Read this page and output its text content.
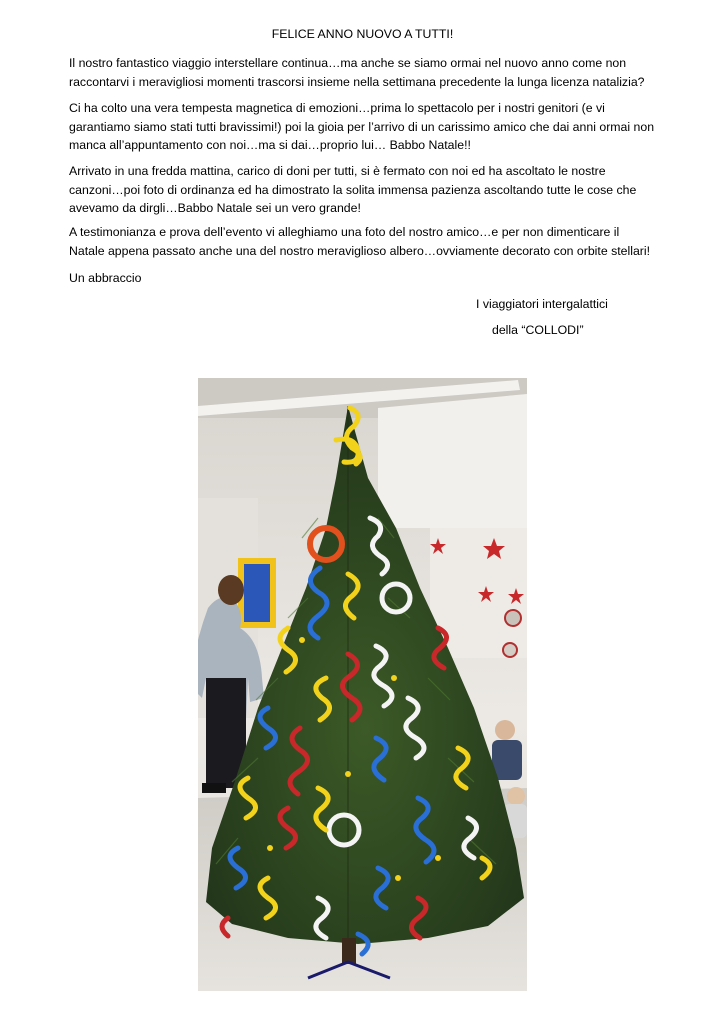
FELICE ANNO NUOVO A TUTTI!

Il nostro fantastico viaggio interstellare continua…ma anche se siamo ormai nel nuovo anno come non raccontarvi i meravigliosi momenti trascorsi insieme nella settimana precedente la lunga licenza natalizia?

Ci ha colto una vera tempesta magnetica di emozioni…prima lo spettacolo per i nostri genitori (e vi garantiamo siamo stati tutti bravissimi!) poi la gioia per l’arrivo di un carissimo amico che dai anni ormai non manca all’appuntamento con noi…ma si dai…proprio lui… Babbo Natale!!

Arrivato in una fredda mattina, carico di doni per tutti, si è fermato con noi ed ha ascoltato le nostre canzoni…poi foto di ordinanza ed ha dimostrato la solita immensa pazienza ascoltando tutte le cose che avevamo da dirgli…Babbo Natale sei un vero grande!

A testimonianza e prova dell’evento vi alleghiamo una foto del nostro amico…e per non dimenticare il Natale appena passato anche una del nostro meraviglioso albero…ovviamente decorato con orbite stellari!

Un abbraccio

I viaggiatori intergalattici
della “COLLODI”
